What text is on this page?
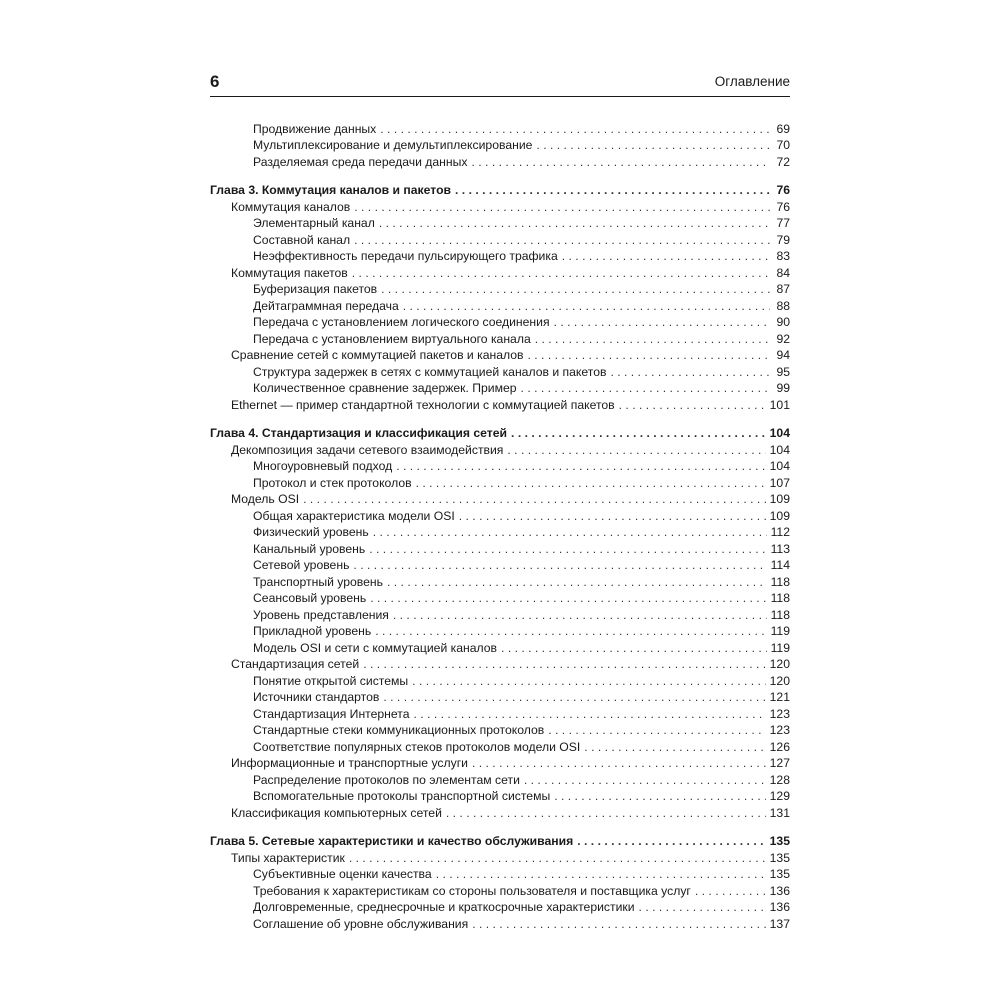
6	Оглавление
Продвижение данных . . .	69
Мультиплексирование и демультиплексирование . . .	70
Разделяемая среда передачи данных . . .	72
Глава 3. Коммутация каналов и пакетов . . .	76
Коммутация каналов . . .	76
Элементарный канал . . .	77
Составной канал . . .	79
Неэффективность передачи пульсирующего трафика . . .	83
Коммутация пакетов . . .	84
Буферизация пакетов . . .	87
Дейтаграммная передача . . .	88
Передача с установлением логического соединения . . .	90
Передача с установлением виртуального канала . . .	92
Сравнение сетей с коммутацией пакетов и каналов . . .	94
Структура задержек в сетях с коммутацией каналов и пакетов . . .	95
Количественное сравнение задержек. Пример . . .	99
Ethernet — пример стандартной технологии с коммутацией пакетов . . .	101
Глава 4. Стандартизация и классификация сетей . . .	104
Декомпозиция задачи сетевого взаимодействия . . .	104
Многоуровневый подход . . .	104
Протокол и стек протоколов . . .	107
Модель OSI . . .	109
Общая характеристика модели OSI . . .	109
Физический уровень . . .	112
Канальный уровень . . .	113
Сетевой уровень . . .	114
Транспортный уровень . . .	118
Сеансовый уровень . . .	118
Уровень представления . . .	118
Прикладной уровень . . .	119
Модель OSI и сети с коммутацией каналов . . .	119
Стандартизация сетей . . .	120
Понятие открытой системы . . .	120
Источники стандартов . . .	121
Стандартизация Интернета . . .	123
Стандартные стеки коммуникационных протоколов . . .	123
Соответствие популярных стеков протоколов модели OSI . . .	126
Информационные и транспортные услуги . . .	127
Распределение протоколов по элементам сети . . .	128
Вспомогательные протоколы транспортной системы . . .	129
Классификация компьютерных сетей . . .	131
Глава 5. Сетевые характеристики и качество обслуживания . . .	135
Типы характеристик . . .	135
Субъективные оценки качества . . .	135
Требования к характеристикам со стороны пользователя и поставщика услуг . . .	136
Долговременные, среднесрочные и краткосрочные характеристики . . .	136
Соглашение об уровне обслуживания . . .	137
